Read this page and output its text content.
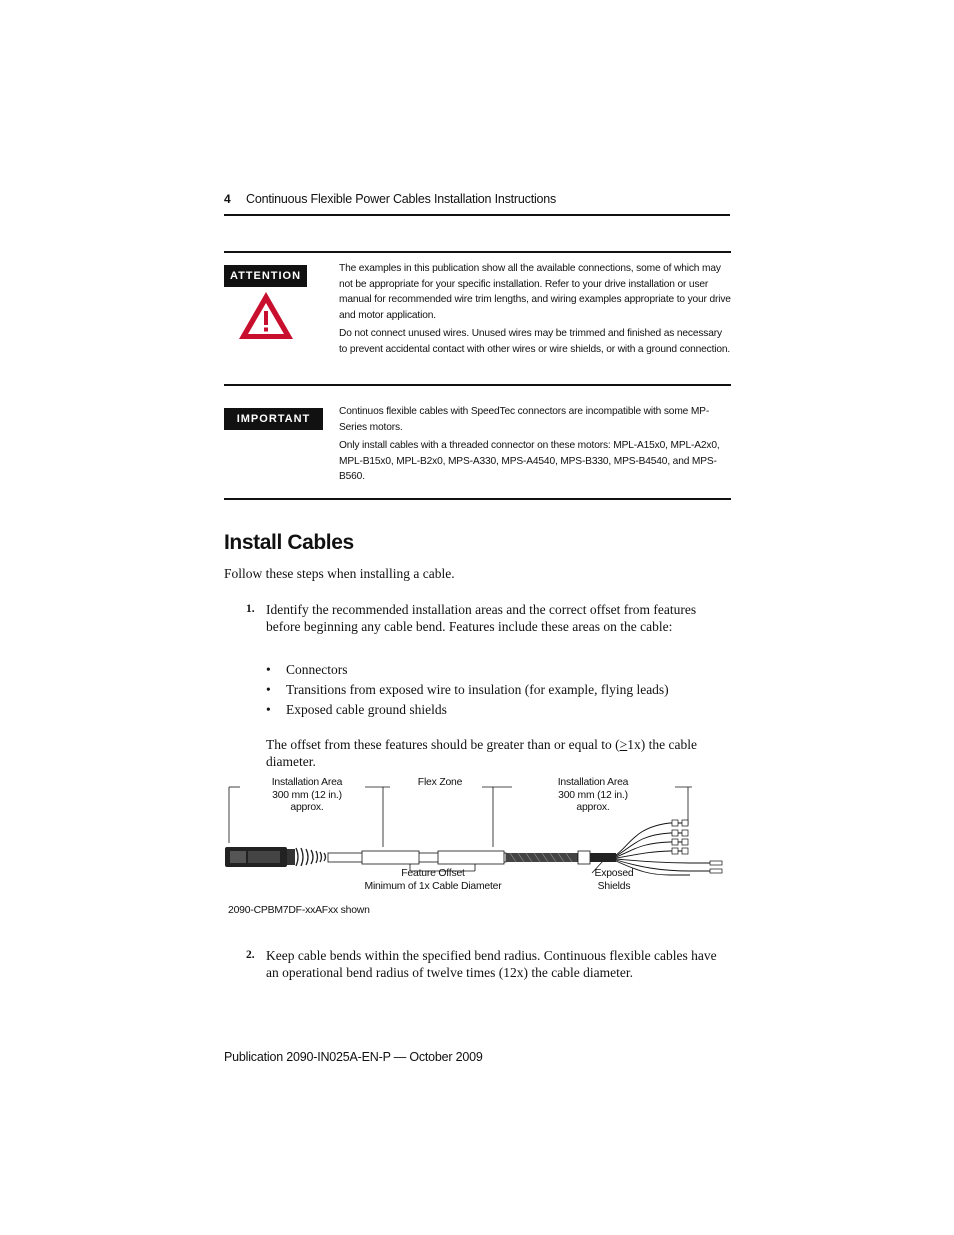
4 Continuous Flexible Power Cables Installation Instructions
ATTENTION

The examples in this publication show all the available connections, some of which may not be appropriate for your specific installation. Refer to your drive installation or user manual for recommended wire trim lengths, and wiring examples appropriate to your drive and motor application.

Do not connect unused wires. Unused wires may be trimmed and finished as necessary to prevent accidental contact with other wires or wire shields, or with a ground connection.

IMPORTANT

Continuos flexible cables with SpeedTec connectors are incompatible with some MP-Series motors.

Only install cables with a threaded connector on these motors: MPL-A15x0, MPL-A2x0, MPL-B15x0, MPL-B2x0, MPS-A330, MPS-A4540, MPS-B330, MPS-B4540, and MPS-B560.

Install Cables
Follow these steps when installing a cable.
1. Identify the recommended installation areas and the correct offset from features before beginning any cable bend. Features include these areas on the cable:
• Connectors
• Transitions from exposed wire to insulation (for example, flying leads)
• Exposed cable ground shields
The offset from these features should be greater than or equal to (≥1x) the cable diameter.
Installation Area
300 mm (12 in.)
approx.
Flex Zone	Installation Area
300 mm (12 in.)
approx.
Feature Offset
Minimum of 1x Cable Diameter
Exposed
Shields
2090-CPBM7DF-xxAFxx shown
2. Keep cable bends within the specified bend radius. Continuous flexible cables have an operational bend radius of twelve times (12x) the cable diameter.
Publication 2090-IN025A-EN-P — October 2009
